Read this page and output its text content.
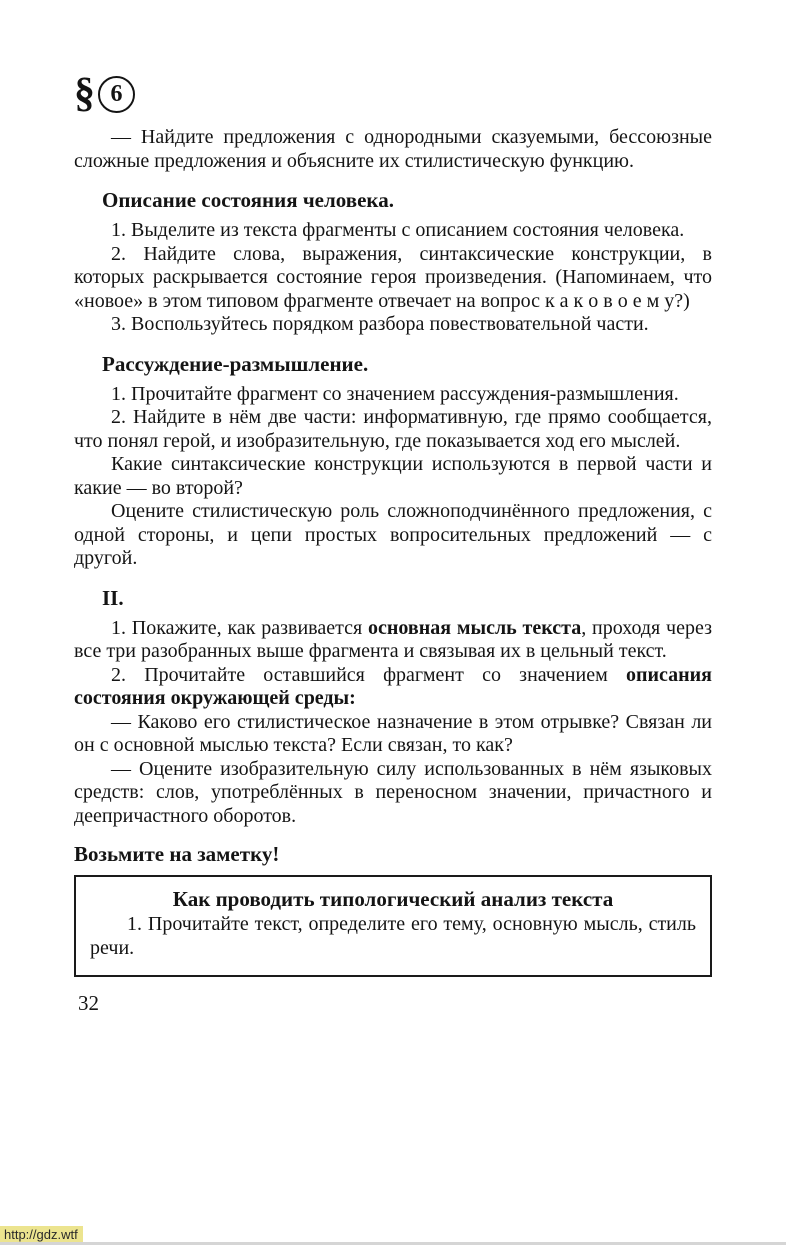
§ 6

— Найдите предложения с однородными сказуемыми, бессоюзные сложные предложения и объясните их стилистическую функцию.

Описание состояния человека.

1. Выделите из текста фрагменты с описанием состояния человека.

2. Найдите слова, выражения, синтаксические конструкции, в которых раскрывается состояние героя произведения. (Напоминаем, что «новое» в этом типовом фрагменте отвечает на вопрос к а к о в о е м у?)

3. Воспользуйтесь порядком разбора повествовательной части.

Рассуждение-размышление.

1. Прочитайте фрагмент со значением рассуждения-размышления.

2. Найдите в нём две части: информативную, где прямо сообщается, что понял герой, и изобразительную, где показывается ход его мыслей.

Какие синтаксические конструкции используются в первой части и какие — во второй?

Оцените стилистическую роль сложноподчинённого предложения, с одной стороны, и цепи простых вопросительных предложений — с другой.

II.

1. Покажите, как развивается основная мысль текста, проходя через все три разобранных выше фрагмента и связывая их в цельный текст.

2. Прочитайте оставшийся фрагмент со значением описания состояния окружающей среды:

— Каково его стилистическое назначение в этом отрывке? Связан ли он с основной мыслью текста? Если связан, то как?

— Оцените изобразительную силу использованных в нём языковых средств: слов, употреблённых в переносном значении, причастного и деепричастного оборотов.

Возьмите на заметку!
Как проводить типологический анализ текста

1. Прочитайте текст, определите его тему, основную мысль, стиль речи.

32
http://gdz.wtf
